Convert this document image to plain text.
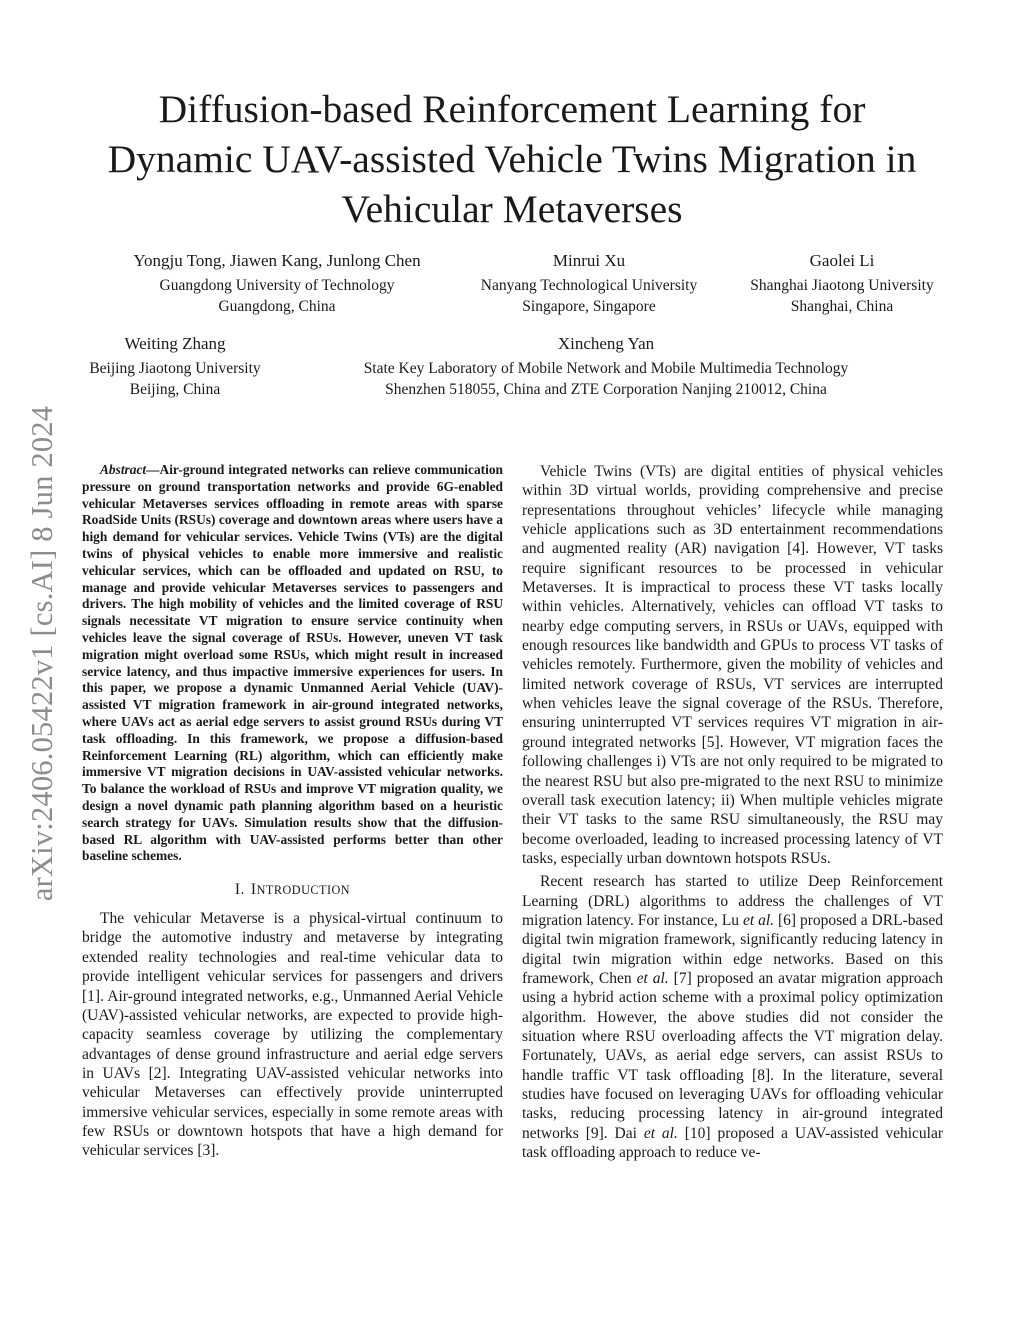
arXiv:2406.05422v1 [cs.AI] 8 Jun 2024
Diffusion-based Reinforcement Learning for
Dynamic UAV-assisted Vehicle Twins Migration in
Vehicular Metaverses
Yongju Tong, Jiawen Kang, Junlong Chen
Guangdong University of Technology
Guangdong, China
Minrui Xu
Nanyang Technological University
Singapore, Singapore
Gaolei Li
Shanghai Jiaotong University
Shanghai, China
Weiting Zhang
Beijing Jiaotong University
Beijing, China
Xincheng Yan
State Key Laboratory of Mobile Network and Mobile Multimedia Technology
Shenzhen 518055, China and ZTE Corporation Nanjing 210012, China

Abstract—Air-ground integrated networks can relieve communication pressure on ground transportation networks and provide 6G-enabled vehicular Metaverses services offloading in remote areas with sparse RoadSide Units (RSUs) coverage and downtown areas where users have a high demand for vehicular services. Vehicle Twins (VTs) are the digital twins of physical vehicles to enable more immersive and realistic vehicular services, which can be offloaded and updated on RSU, to manage and provide vehicular Metaverses services to passengers and drivers. The high mobility of vehicles and the limited coverage of RSU signals necessitate VT migration to ensure service continuity when vehicles leave the signal coverage of RSUs. However, uneven VT task migration might overload some RSUs, which might result in increased service latency, and thus impactive immersive experiences for users. In this paper, we propose a dynamic Unmanned Aerial Vehicle (UAV)-assisted VT migration framework in air-ground integrated networks, where UAVs act as aerial edge servers to assist ground RSUs during VT task offloading. In this framework, we propose a diffusion-based Reinforcement Learning (RL) algorithm, which can efficiently make immersive VT migration decisions in UAV-assisted vehicular networks. To balance the workload of RSUs and improve VT migration quality, we design a novel dynamic path planning algorithm based on a heuristic search strategy for UAVs. Simulation results show that the diffusion-based RL algorithm with UAV-assisted performs better than other baseline schemes.

I. INTRODUCTION

The vehicular Metaverse is a physical-virtual continuum to bridge the automotive industry and metaverse by integrating extended reality technologies and real-time vehicular data to provide intelligent vehicular services for passengers and drivers [1]. Air-ground integrated networks, e.g., Unmanned Aerial Vehicle (UAV)-assisted vehicular networks, are expected to provide high-capacity seamless coverage by utilizing the complementary advantages of dense ground infrastructure and aerial edge servers in UAVs [2]. Integrating UAV-assisted vehicular networks into vehicular Metaverses can effectively provide uninterrupted immersive vehicular services, especially in some remote areas with few RSUs or downtown hotspots that have a high demand for vehicular services [3].

Vehicle Twins (VTs) are digital entities of physical vehicles within 3D virtual worlds, providing comprehensive and precise representations throughout vehicles’ lifecycle while managing vehicle applications such as 3D entertainment recommendations and augmented reality (AR) navigation [4]. However, VT tasks require significant resources to be processed in vehicular Metaverses. It is impractical to process these VT tasks locally within vehicles. Alternatively, vehicles can offload VT tasks to nearby edge computing servers, in RSUs or UAVs, equipped with enough resources like bandwidth and GPUs to process VT tasks of vehicles remotely. Furthermore, given the mobility of vehicles and limited network coverage of RSUs, VT services are interrupted when vehicles leave the signal coverage of the RSUs. Therefore, ensuring uninterrupted VT services requires VT migration in air-ground integrated networks [5]. However, VT migration faces the following challenges i) VTs are not only required to be migrated to the nearest RSU but also pre-migrated to the next RSU to minimize overall task execution latency; ii) When multiple vehicles migrate their VT tasks to the same RSU simultaneously, the RSU may become overloaded, leading to increased processing latency of VT tasks, especially urban downtown hotspots RSUs.

Recent research has started to utilize Deep Reinforcement Learning (DRL) algorithms to address the challenges of VT migration latency. For instance, Lu et al. [6] proposed a DRL-based digital twin migration framework, significantly reducing latency in digital twin migration within edge networks. Based on this framework, Chen et al. [7] proposed an avatar migration approach using a hybrid action scheme with a proximal policy optimization algorithm. However, the above studies did not consider the situation where RSU overloading affects the VT migration delay. Fortunately, UAVs, as aerial edge servers, can assist RSUs to handle traffic VT task offloading [8]. In the literature, several studies have focused on leveraging UAVs for offloading vehicular tasks, reducing processing latency in air-ground integrated networks [9]. Dai et al. [10] proposed a UAV-assisted vehicular task offloading approach to reduce ve-
